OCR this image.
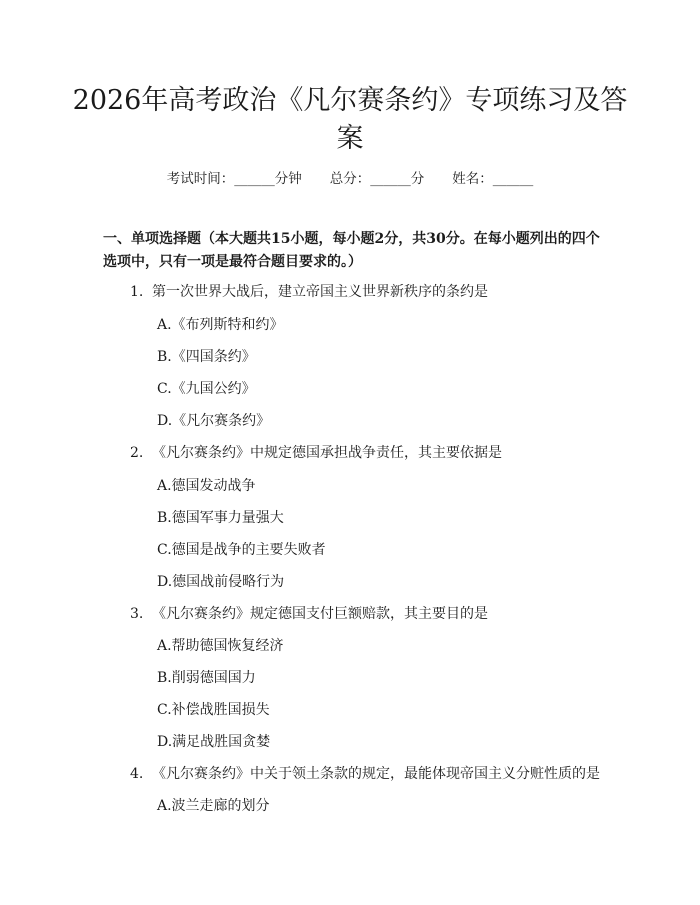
2026年高考政治《凡尔赛条约》专项练习及答案
考试时间：______分钟 总分：______分 姓名：______
一、单项选择题（本大题共15小题，每小题2分，共30分。在每小题列出的四个选项中，只有一项是最符合题目要求的。）
1. 第一次世界大战后，建立帝国主义世界新秩序的条约是
A.《布列斯特和约》
B.《四国条约》
C.《九国公约》
D.《凡尔赛条约》
2. 《凡尔赛条约》中规定德国承担战争责任，其主要依据是
A.德国发动战争
B.德国军事力量强大
C.德国是战争的主要失败者
D.德国战前侵略行为
3. 《凡尔赛条约》规定德国支付巨额赔款，其主要目的是
A.帮助德国恢复经济
B.削弱德国国力
C.补偿战胜国损失
D.满足战胜国贪婪
4. 《凡尔赛条约》中关于领土条款的规定，最能体现帝国主义分赃性质的是
A.波兰走廊的划分
